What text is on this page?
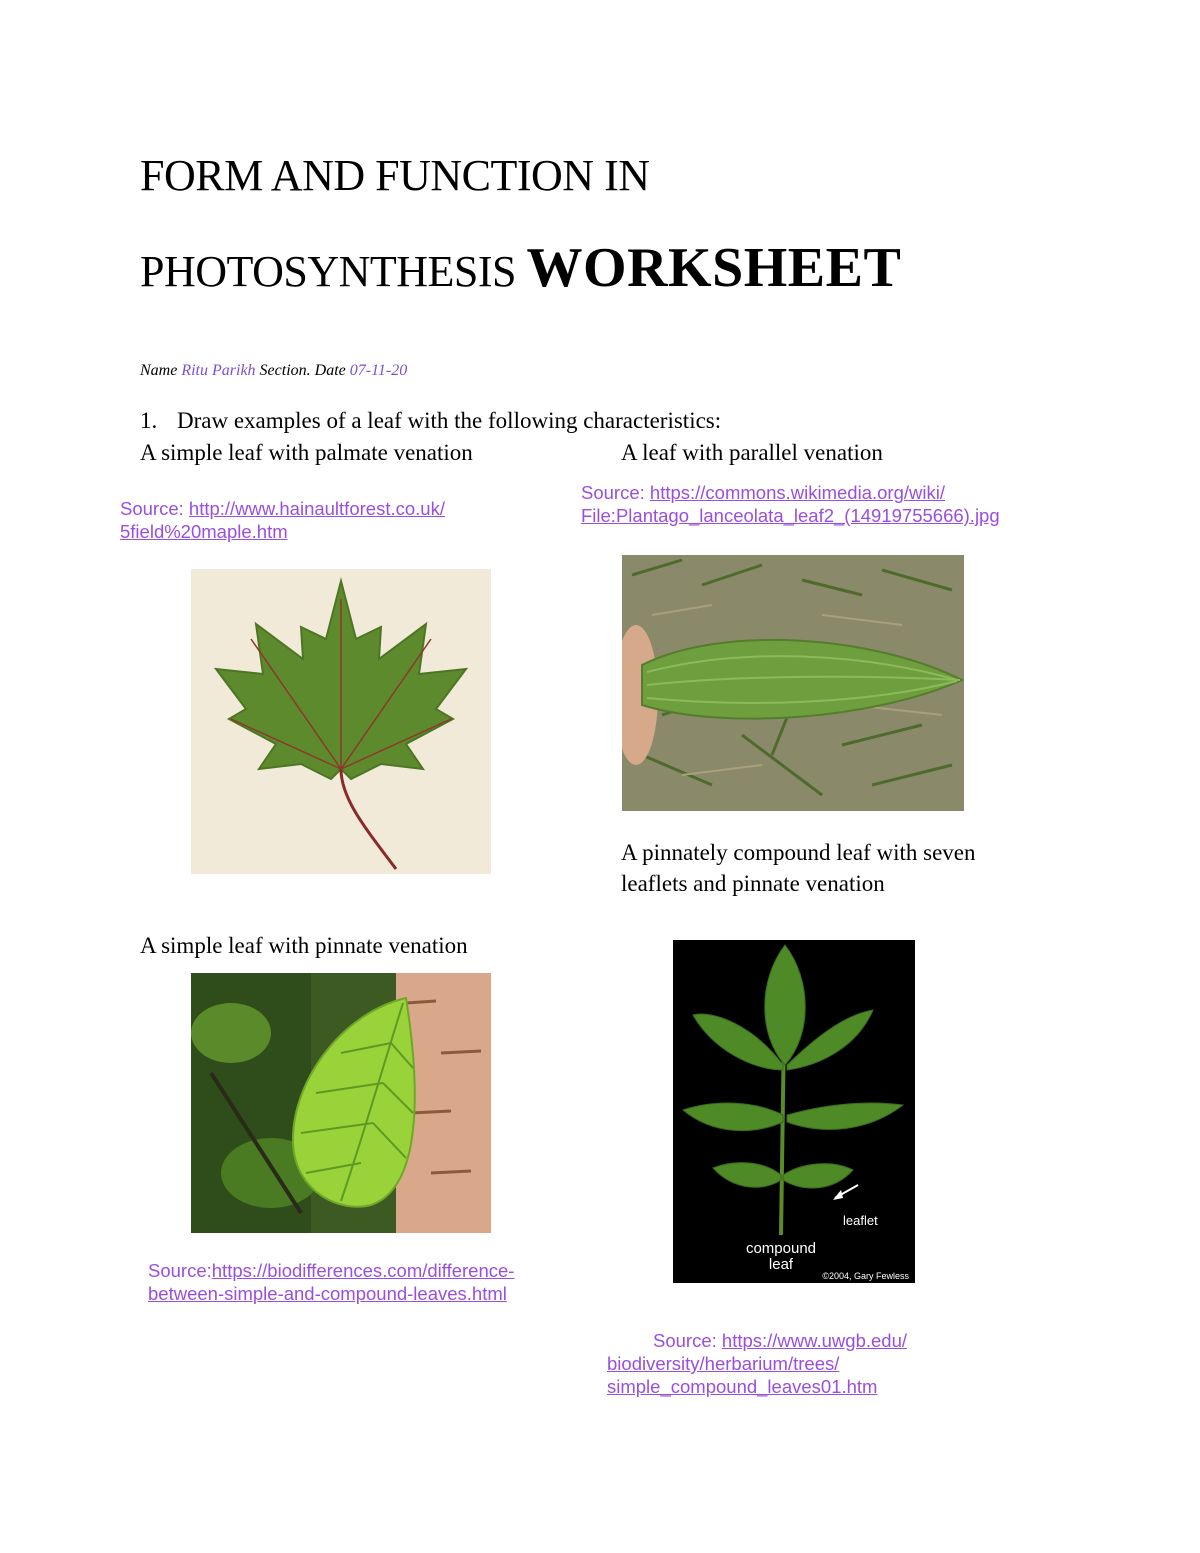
FORM AND FUNCTION IN
PHOTOSYNTHESIS WORKSHEET
Name Ritu Parikh Section. Date 07-11-20
1. Draw examples of a leaf with the following characteristics:
A simple leaf with palmate venation	A leaf with parallel venation
Source: http://www.hainaultforest.co.uk/
5field%20maple.htm
Source: https://commons.wikimedia.org/wiki/
File:Plantago_lanceolata_leaf2_(14919755666).jpg
A pinnately compound leaf with seven
leaflets and pinnate venation
A simple leaf with pinnate venation
leaflet
compound
leaf
©2004, Gary Fewless
Source:https://biodifferences.com/difference-
between-simple-and-compound-leaves.html
Source: https://www.uwgb.edu/
biodiversity/herbarium/trees/
simple_compound_leaves01.htm
